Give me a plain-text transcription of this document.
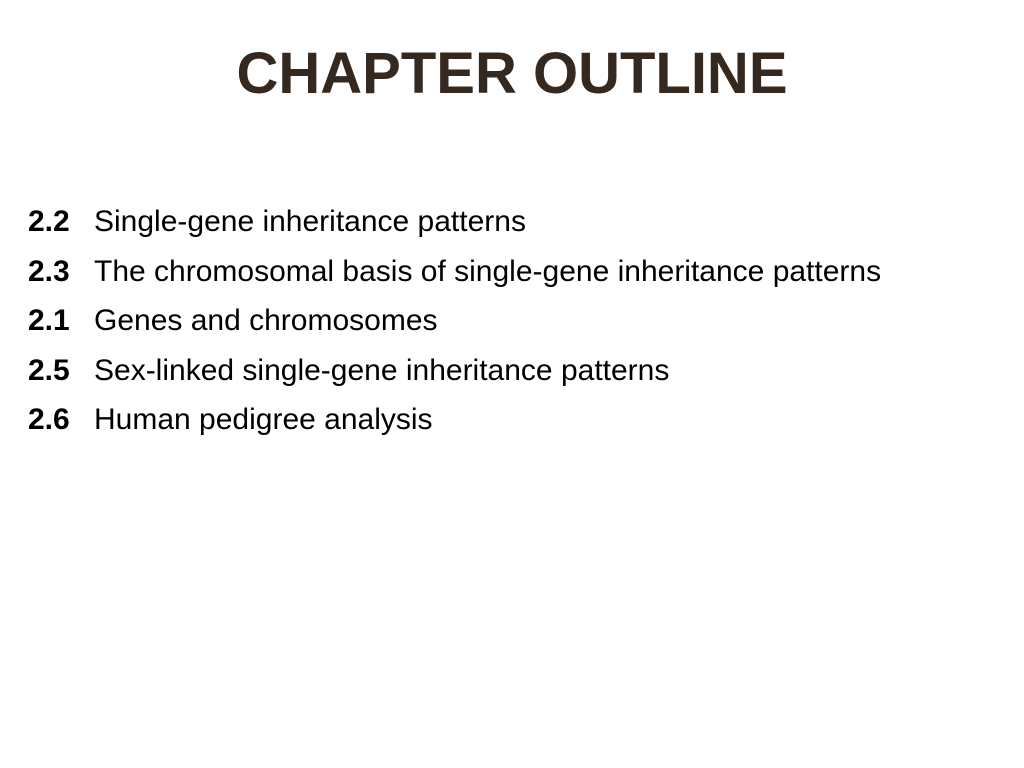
CHAPTER OUTLINE
2.2 Single-gene inheritance patterns
2.3 The chromosomal basis of single-gene inheritance patterns
2.1 Genes and chromosomes
2.5 Sex-linked single-gene inheritance patterns
2.6 Human pedigree analysis
